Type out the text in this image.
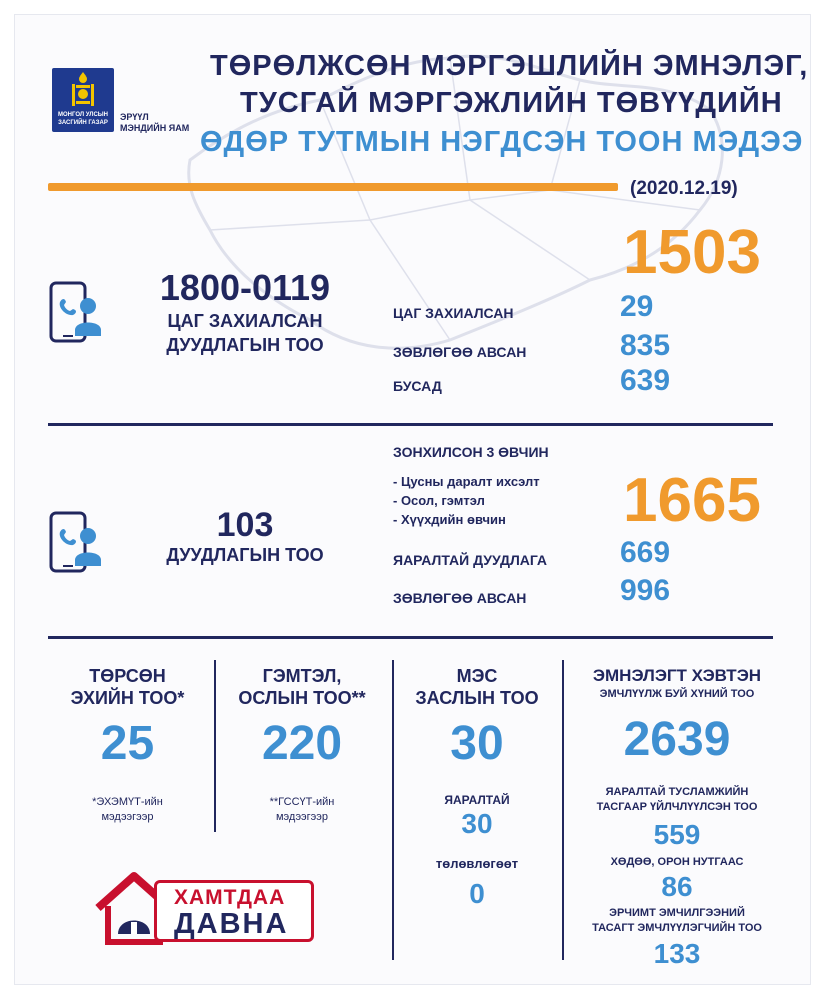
МОНГОЛ УЛСЫН
ЗАСГИЙН ГАЗАР
ЭРҮҮЛ
МЭНДИЙН ЯАМ
ТӨРӨЛЖСӨН МЭРГЭШЛИЙН ЭМНЭЛЭГ,
ТУСГАЙ МЭРГЭЖЛИЙН ТӨВҮҮДИЙН
ӨДӨР ТУТМЫН НЭГДСЭН ТООН МЭДЭЭ
(2020.12.19)
1800-0119
ЦАГ ЗАХИАЛСАН
ДУУДЛАГЫН ТОО
1503
ЦАГ ЗАХИАЛСАН	29
ЗӨВЛӨГӨӨ АВСАН	835
БУСАД	639
103
ДУУДЛАГЫН ТОО
ЗОНХИЛСОН 3 ӨВЧИН
- Цусны даралт ихсэлт
- Осол, гэмтэл
- Хүүхдийн өвчин 1665
ЯАРАЛТАЙ ДУУДЛАГА 669
ЗӨВЛӨГӨӨ АВСАН	996
ТӨРСӨН
ЭХИЙН ТОО*
25
*ЭХЭМҮТ-ийн
мэдээгээр
ГЭМТЭЛ,
ОСЛЫН ТОО**
220
**ГССҮТ-ийн
мэдээгээр
МЭС
ЗАСЛЫН ТОО
30
ЯАРАЛТАЙ
30
төлөвлөгөөт
0
ЭМНЭЛЭГТ ХЭВТЭН
ЭМЧЛҮҮЛЖ БУЙ ХҮНИЙ ТОО
2639
ЯАРАЛТАЙ ТУСЛАМЖИЙН
ТАСГААР ҮЙЛЧЛҮҮЛСЭН ТОО
559
ХӨДӨӨ, ОРОН НУТГААС
86
ЭРЧИМТ ЭМЧИЛГЭЭНИЙ
ТАСАГТ ЭМЧЛҮҮЛЭГЧИЙН ТОО
133
ХАМТДАА
ДАВНА
